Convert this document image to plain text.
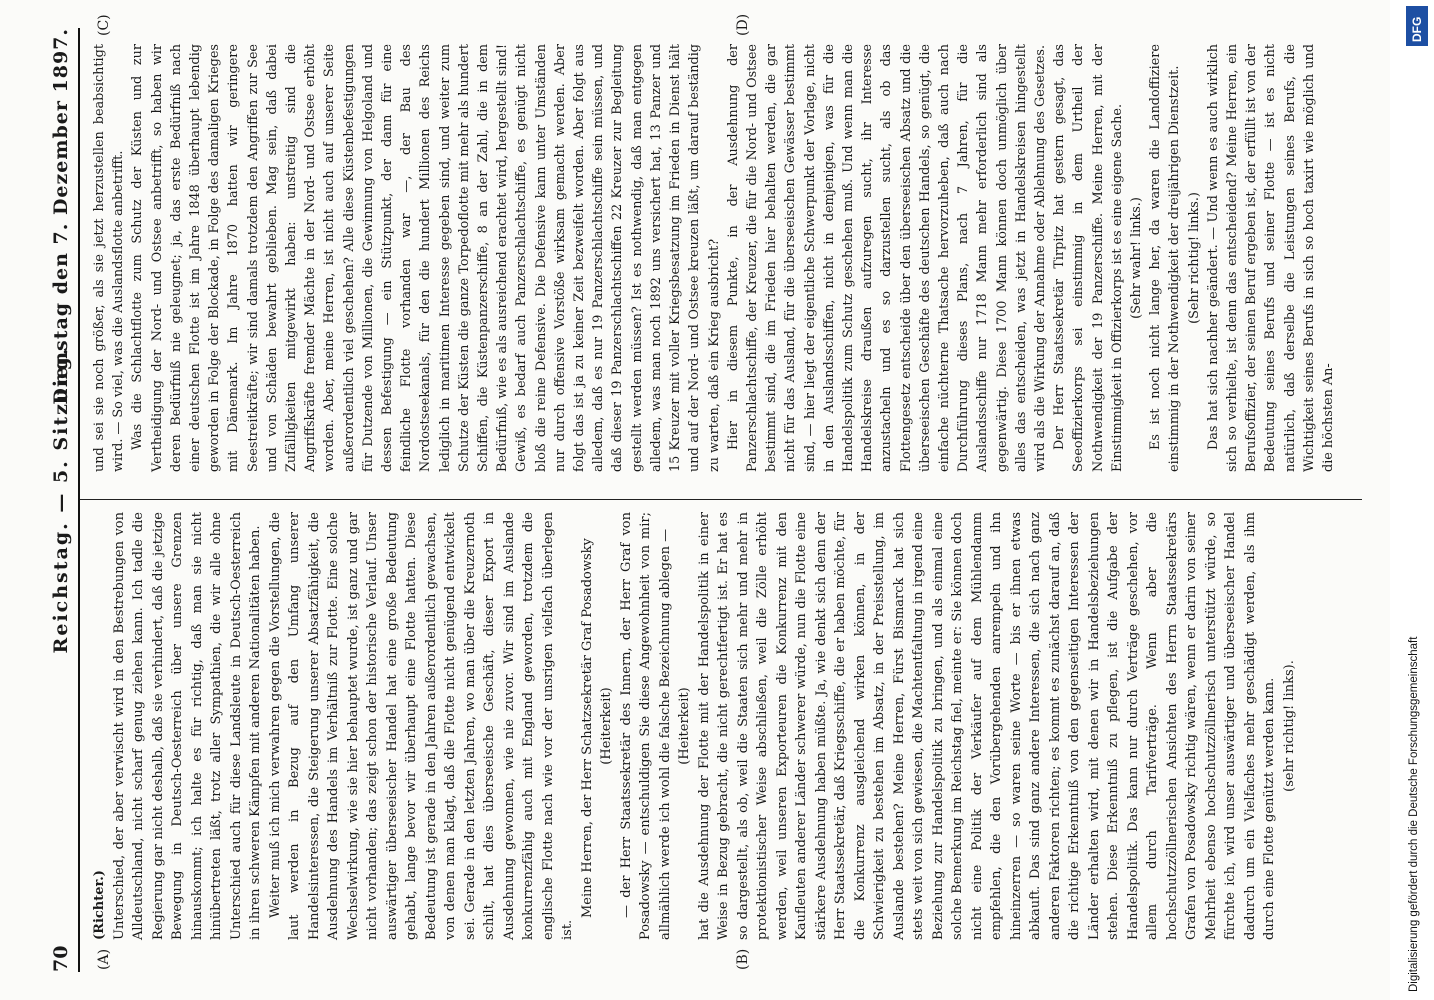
70
Reichstag. — 5. Sitzung.
Dienstag den 7. Dezember 1897.
(A)	(B)
(C)	(D)

(Richter.) Unterschied, der aber verwischt wird in den Bestrebungen von Alldeutschland, nicht scharf genug ziehen kann. Ich tadle die Regierung gar nicht deshalb, daß sie verhindert, daß die jetzige Bewegung in Deutsch-Oesterreich über unsere Grenzen hinauskommt; ich halte es für richtig, daß man sie nicht hinübertreten läßt, trotz aller Sympathien, die wir alle ohne Unterschied auch für diese Landsleute in Deutsch-Oesterreich in ihren schweren Kämpfen mit anderen Nationalitäten haben. Weiter muß ich mich verwahren gegen die Vorstellungen, die laut werden in Bezug auf den Umfang unserer Handelsinteressen, die Steigerung unserer Absatzfähigkeit, die Ausdehnung des Handels im Verhältniß zur Flotte. Eine solche Wechselwirkung, wie sie hier behauptet wurde, ist ganz und gar nicht vorhanden; das zeigt schon der historische Verlauf. Unser auswärtiger überseeischer Handel hat eine große Bedeutung gehabt, lange bevor wir überhaupt eine Flotte hatten. Diese Bedeutung ist gerade in den Jahren außerordentlich gewachsen, von denen man klagt, daß die Flotte nicht genügend entwickelt sei. Gerade in den letzten Jahren, wo man über die Kreuzernoth schilt, hat dies überseeische Geschäft, dieser Export in Ausdehnung gewonnen, wie nie zuvor. Wir sind im Auslande konkurrenzfähig auch mit England geworden, trotzdem die englische Flotte nach wie vor der unsrigen vielfach überlegen ist.

Meine Herren, der Herr Schatzsekretär Graf Posadowsky (Heiterkeit) — der Herr Staatssekretär des Innern, der Herr Graf von Posadowsky — entschuldigen Sie diese Angewohnheit von mir; allmählich werde ich wohl die falsche Bezeichnung ablegen — (Heiterkeit) hat die Ausdehnung der Flotte mit der Handelspolitik in einer Weise in Bezug gebracht, die nicht gerechtfertigt ist. Er hat es so dargestellt, als ob, weil die Staaten sich mehr und mehr in protektionistischer Weise abschließen, weil die Zölle erhöht werden, weil unseren Exporteuren die Konkurrenz mit den Kaufleuten anderer Länder schwerer würde, nun die Flotte eine stärkere Ausdehnung haben müßte. Ja, wie denkt sich denn der Herr Staatssekretär, daß Kriegsschiffe, die er haben möchte, für die Konkurrenz ausgleichend wirken können, in der Schwierigkeit zu bestehen im Absatz, in der Preisstellung, im Auslande bestehen? Meine Herren, Fürst Bismarck hat sich stets weit von sich gewiesen, die Machtentfaltung in irgend eine Beziehung zur Handelspolitik zu bringen, und als einmal eine solche Bemerkung im Reichstag fiel, meinte er: Sie können doch nicht eine Politik der Verkäufer auf dem Mühlendamm empfehlen, die den Vorübergehenden anrempeln und ihn hineinzerren — so waren seine Worte — bis er ihnen etwas abkauft. Das sind ganz andere Interessen, die sich nach ganz anderen Faktoren richten; es kommt es zunächst darauf an, daß die richtige Erkenntniß von den gegenseitigen Interessen der Länder erhalten wird, mit denen wir in Handelsbeziehungen stehen. Diese Erkenntniß zu pflegen, ist die Aufgabe der Handelspolitik. Das kann nur durch Verträge geschehen, vor allem durch Tarifverträge. Wenn aber die hochschutzzöllnerischen Ansichten des Herrn Staatssekretärs Grafen von Posadowsky richtig wären, wenn er darin von seiner Mehrheit ebenso hochschutzzöllnerisch unterstützt würde, so fürchte ich, wird unser auswärtiger und überseeischer Handel dadurch um ein Vielfaches mehr geschädigt werden, als ihm durch eine Flotte genützt werden kann. (sehr richtig! links).

und sei sie noch größer, als sie jetzt herzustellen beabsichtigt wird. — So viel, was die Auslandsflotte anbetrifft. Was die Schlachtflotte zum Schutz der Küsten und zur Vertheidigung der Nord- und Ostsee anbetrifft, so haben wir deren Bedürfniß nie geleugnet; ja, das erste Bedürfniß nach einer deutschen Flotte ist im Jahre 1848 überhaupt lebendig geworden in Folge der Blockade, in Folge des damaligen Krieges mit Dänemark. Im Jahre 1870 hatten wir geringere Seestreitkräfte; wir sind damals trotzdem den Angriffen zur See und von Schäden bewahrt geblieben. Mag sein, daß dabei Zufälligkeiten mitgewirkt haben: unstreitig sind die Angriffskräfte fremder Mächte in der Nord- und Ostsee erhöht worden. Aber, meine Herren, ist nicht auch auf unserer Seite außerordentlich viel geschehen? Alle diese Küstenbefestigungen für Dutzende von Millionen, die Gewinnung von Helgoland und dessen Befestigung — ein Stützpunkt, der dann für eine feindliche Flotte vorhanden war —, der Bau des Nordostseekanals, für den die hundert Millionen des Reichs lediglich in maritimen Interesse gegeben sind, und weiter zum Schutze der Küsten die ganze Torpedoflotte mit mehr als hundert Schiffen, die Küstenpanzerschiffe, 8 an der Zahl, die in dem Bedürfniß, wie es als ausreichend erachtet wird, hergestellt sind! Gewiß, es bedarf auch Panzerschlachtschiffe, es genügt nicht bloß die reine Defensive. Die Defensive kann unter Umständen nur durch offensive Vorstöße wirksam gemacht werden. Aber folgt das ist ja zu keiner Zeit bezweifelt worden. Aber folgt aus alledem, daß es nur 19 Panzerschlachtschiffe sein müssen, und daß dieser 19 Panzerschlachtschiffen 22 Kreuzer zur Begleitung gestellt werden müssen? Ist es nothwendig, daß man entgegen alledem, was man noch 1892 uns versichert hat, 13 Panzer und 15 Kreuzer mit voller Kriegsbesatzung im Frieden in Dienst hält und auf der Nord- und Ostsee kreuzen läßt, um darauf beständig zu warten, daß ein Krieg ausbricht? Hier in diesem Punkte, in der Ausdehnung der Panzerschlachtschiffe, der Kreuzer, die für die Nord- und Ostsee bestimmt sind, die im Frieden hier behalten werden, die gar nicht für das Ausland, für die überseeischen Gewässer bestimmt sind, — hier liegt der eigentliche Schwerpunkt der Vorlage, nicht in den Auslandsschiffen, nicht in demjenigen, was für die Handelspolitik zum Schutz geschehen muß. Und wenn man die Handelskreise draußen aufzuregen sucht, ihr Interesse anzustacheln und es so darzustellen sucht, als ob das Flottengesetz entscheide über den überseeischen Absatz und die überseeischen Geschäfte des deutschen Handels, so genügt, die einfache nüchterne Thatsache hervorzuheben, daß auch nach Durchführung dieses Plans, nach 7 Jahren, für die Auslandsschiffe nur 1718 Mann mehr erforderlich sind als gegenwärtig. Diese 1700 Mann können doch unmöglich über alles das entscheiden, was jetzt in Handelskreisen hingestellt wird als die Wirkung der Annahme oder Ablehnung des Gesetzes. Der Herr Staatssekretär Tirpitz hat gestern gesagt, das Seeoffizierkorps sei einstimmig in dem Urtheil der Nothwendigkeit der 19 Panzerschiffe. Meine Herren, mit der Einstimmigkeit in Offizierkorps ist es eine eigene Sache. (Sehr wahr! links.) Es ist noch nicht lange her, da waren die Landoffiziere einstimmig in der Nothwendigkeit der dreijährigen Dienstzeit. (Sehr richtig! links.) Das hat sich nachher geändert. — Und wenn es auch wirklich sich so verhielte, ist denn das entscheidend? Meine Herren, ein Berufsoffizier, der seinen Beruf ergeben ist, der erfüllt ist von der Bedeutung seines Berufs und seiner Flotte — ist es nicht natürlich, daß derselbe die Leistungen seines Berufs, die Wichtigkeit seines Berufs in sich so hoch taxirt wie möglich und die höchsten An-

DFG
Digitalisierung gefördert durch die Deutsche Forschungsgemeinschaft
